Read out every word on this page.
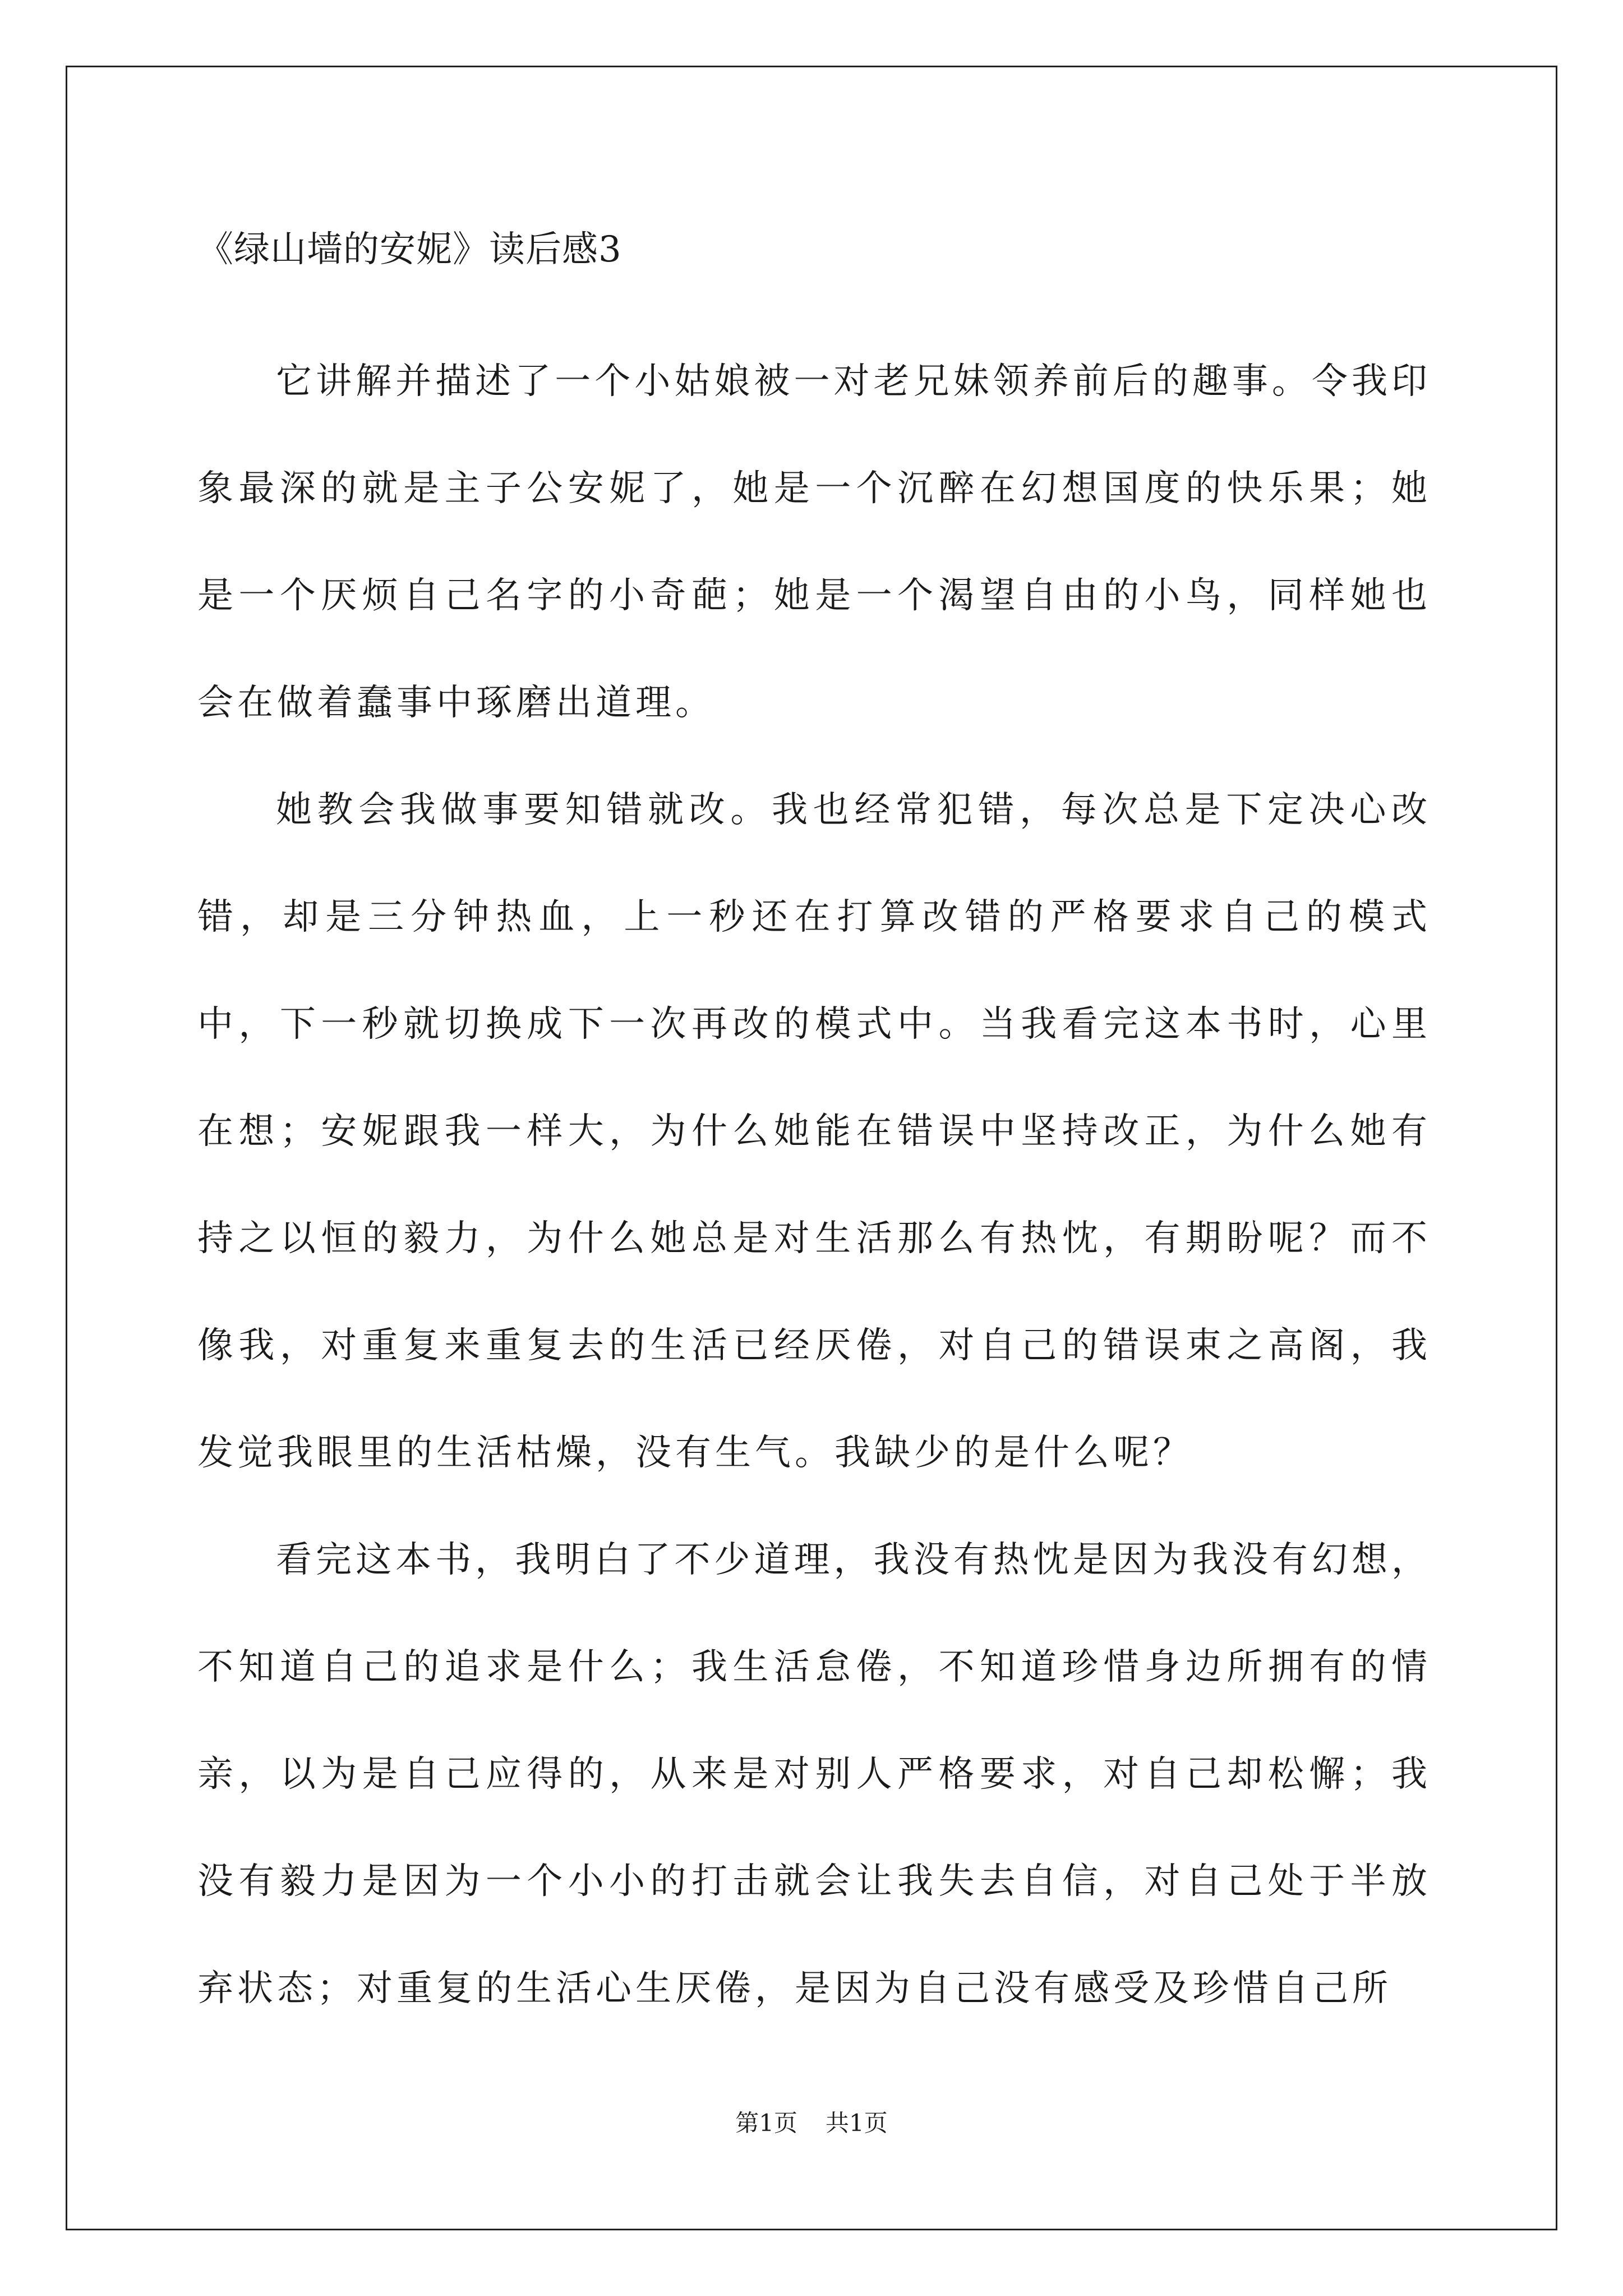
《绿山墙的安妮》读后感3

它讲解并描述了一个小姑娘被一对老兄妹领养前后的趣事。令我印象最深的就是主子公安妮了，她是一个沉醉在幻想国度的快乐果；她是一个厌烦自己名字的小奇葩；她是一个渴望自由的小鸟，同样她也会在做着蠢事中琢磨出道理。

她教会我做事要知错就改。我也经常犯错，每次总是下定决心改错，却是三分钟热血，上一秒还在打算改错的严格要求自己的模式中，下一秒就切换成下一次再改的模式中。当我看完这本书时，心里在想；安妮跟我一样大，为什么她能在错误中坚持改正，为什么她有持之以恒的毅力，为什么她总是对生活那么有热忱，有期盼呢？而不像我，对重复来重复去的生活已经厌倦，对自己的错误束之高阁，我发觉我眼里的生活枯燥，没有生气。我缺少的是什么呢？

看完这本书，我明白了不少道理，我没有热忱是因为我没有幻想，不知道自己的追求是什么；我生活怠倦，不知道珍惜身边所拥有的情亲，以为是自己应得的，从来是对别人严格要求，对自己却松懈；我没有毅力是因为一个小小的打击就会让我失去自信，对自己处于半放弃状态；对重复的生活心生厌倦，是因为自己没有感受及珍惜自己所

第1页 共1页
